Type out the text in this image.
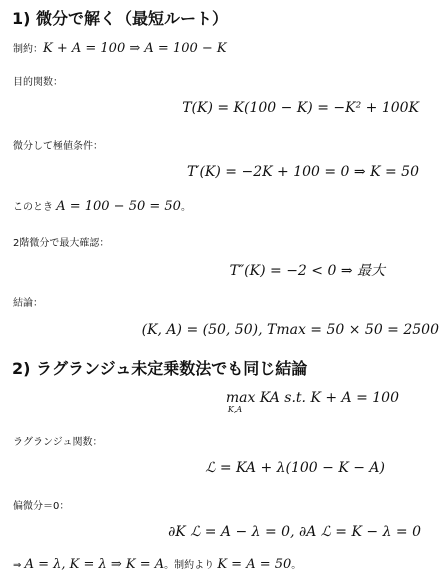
1) 微分で解く（最短ルート）
制約：K + A = 100 ⇒ A = 100 − K
目的関数：
T(K) = K(100 − K) = −K² + 100K
微分して極値条件：
T′(K) = −2K + 100 = 0 ⇒ K = 50
このとき A = 100 − 50 = 50。
2階微分で最大確認：
T″(K) = −2 < 0 ⇒ 最大
結論：
(K, A) = (50, 50), Tmax = 50 × 50 = 2500
2) ラグランジュ未定乗数法でも同じ結論
max KA s.t. K + A = 100
K,A
ラグランジュ関数：
ℒ = KA + λ(100 − K − A)
偏微分＝0：
∂K ℒ = A − λ = 0, ∂A ℒ = K − λ = 0
⇒ A = λ, K = λ ⇒ K = A。制約より K = A = 50。
